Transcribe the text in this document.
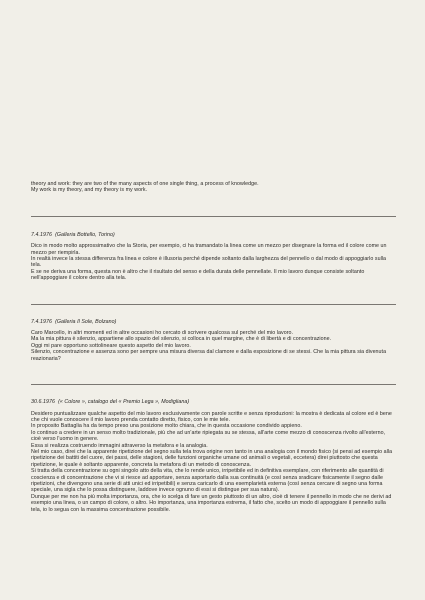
theory and work: they are two of the many aspects of one single thing, a process of knowledge.

My work is my theory, and my theory is my work.

7.4.1976 (Galleria Bottello, Torino)

Dico in modo molto approssimativo che la Storia, per esempio, ci ha tramandato la linea come un mezzo per disegnare la forma ed il colore come un mezzo per riempirla.

In realtà invece la stessa differenza fra linea e colore è illusoria perché dipende soltanto dalla larghezza del pennello o dal modo di appoggiarlo sulla tela.

E se ne deriva una forma, questa non è altro che il risultato del senso e della durata delle pennellate. Il mio lavoro dunque consiste soltanto nell'appoggiare il colore dentro alla tela.

7.4.1976 (Galleria Il Sole, Bolzano)

Caro Marcello, in altri momenti ed in altre occasioni ho cercato di scrivere qualcosa sul perché del mio lavoro.

Ma la mia pittura è silenzio, appartiene allo spazio del silenzio, si colloca in quel margine, che è di libertà e di concentrazione.

Oggi mi pare opportuno sottolineare questo aspetto del mio lavoro.

Silenzio, concentrazione e assenza sono per sempre una misura diversa dal clamore e dalla esposizione di se stessi. Che la mia pittura sia divenuta reazionaria?

30.6.1976 (« Colore », catalogo del « Premio Lega », Modigliana)

Desidero puntualizzare qualche aspetto del mio lavoro esclusivamente con parole scritte e senza riproduzioni: la mostra è dedicata al colore ed è bene che chi vuole conoscere il mio lavoro prenda contatto diretto, fisico, con le mie tele.

In proposito Battaglia ha da tempo preso una posizione molto chiara, che in questa occasione condivido appieno.

Io continuo a credere in un senso molto tradizionale, più che ad un'arte ripiegata su se stessa, all'arte come mezzo di conoscenza rivolto all'esterno, cioè verso l'uomo in genere.

Essa si realizza costruendo immagini attraverso la metafora e la analogia.

Nel mio caso, direi che la apparente ripetizione del segno sulla tela trova origine non tanto in una analogia con il mondo fisico (si pensi ad esempio alla ripetizione dei battiti del cuore, dei passi, delle stagioni, delle funzioni organiche umane od animali o vegetali, eccetera) direi piuttosto che questa ripetizione, le quale è soltanto apparente, concreta la metafora di un metodo di conoscenza.

Si tratta della concentrazione su ogni singolo atto della vita, che lo rende unico, irripetibile ed in definitiva esemplare, con riferimento alle quantità di coscienza e di concentrazione che vi si riesce ad apportare, senza asportarlo dalla sua continuità (e così senza sradicare fisicamente il segno dalle ripetizioni, che divengono una serie di atti unici ed irripetibili) e senza caricarlo di una esemplarietà esterna (così senza cercare di segno una forma speciale, una sigla che lo possa distinguere, laddove invece ognuno di essi si distingue per sua natura).

Dunque per me non ha più molta importanza, ora, che io scelga di fare un gesto piuttosto di un altro, cioè di tenere il pennello in modo che ne derivi ad esempio una linea, o un campo di colore, o altro. Ho importanza, una importanza estrema, il fatto che, scelto un modo di appoggiare il pennello sulla tela, io lo segua con la massima concentrazione possibile.
